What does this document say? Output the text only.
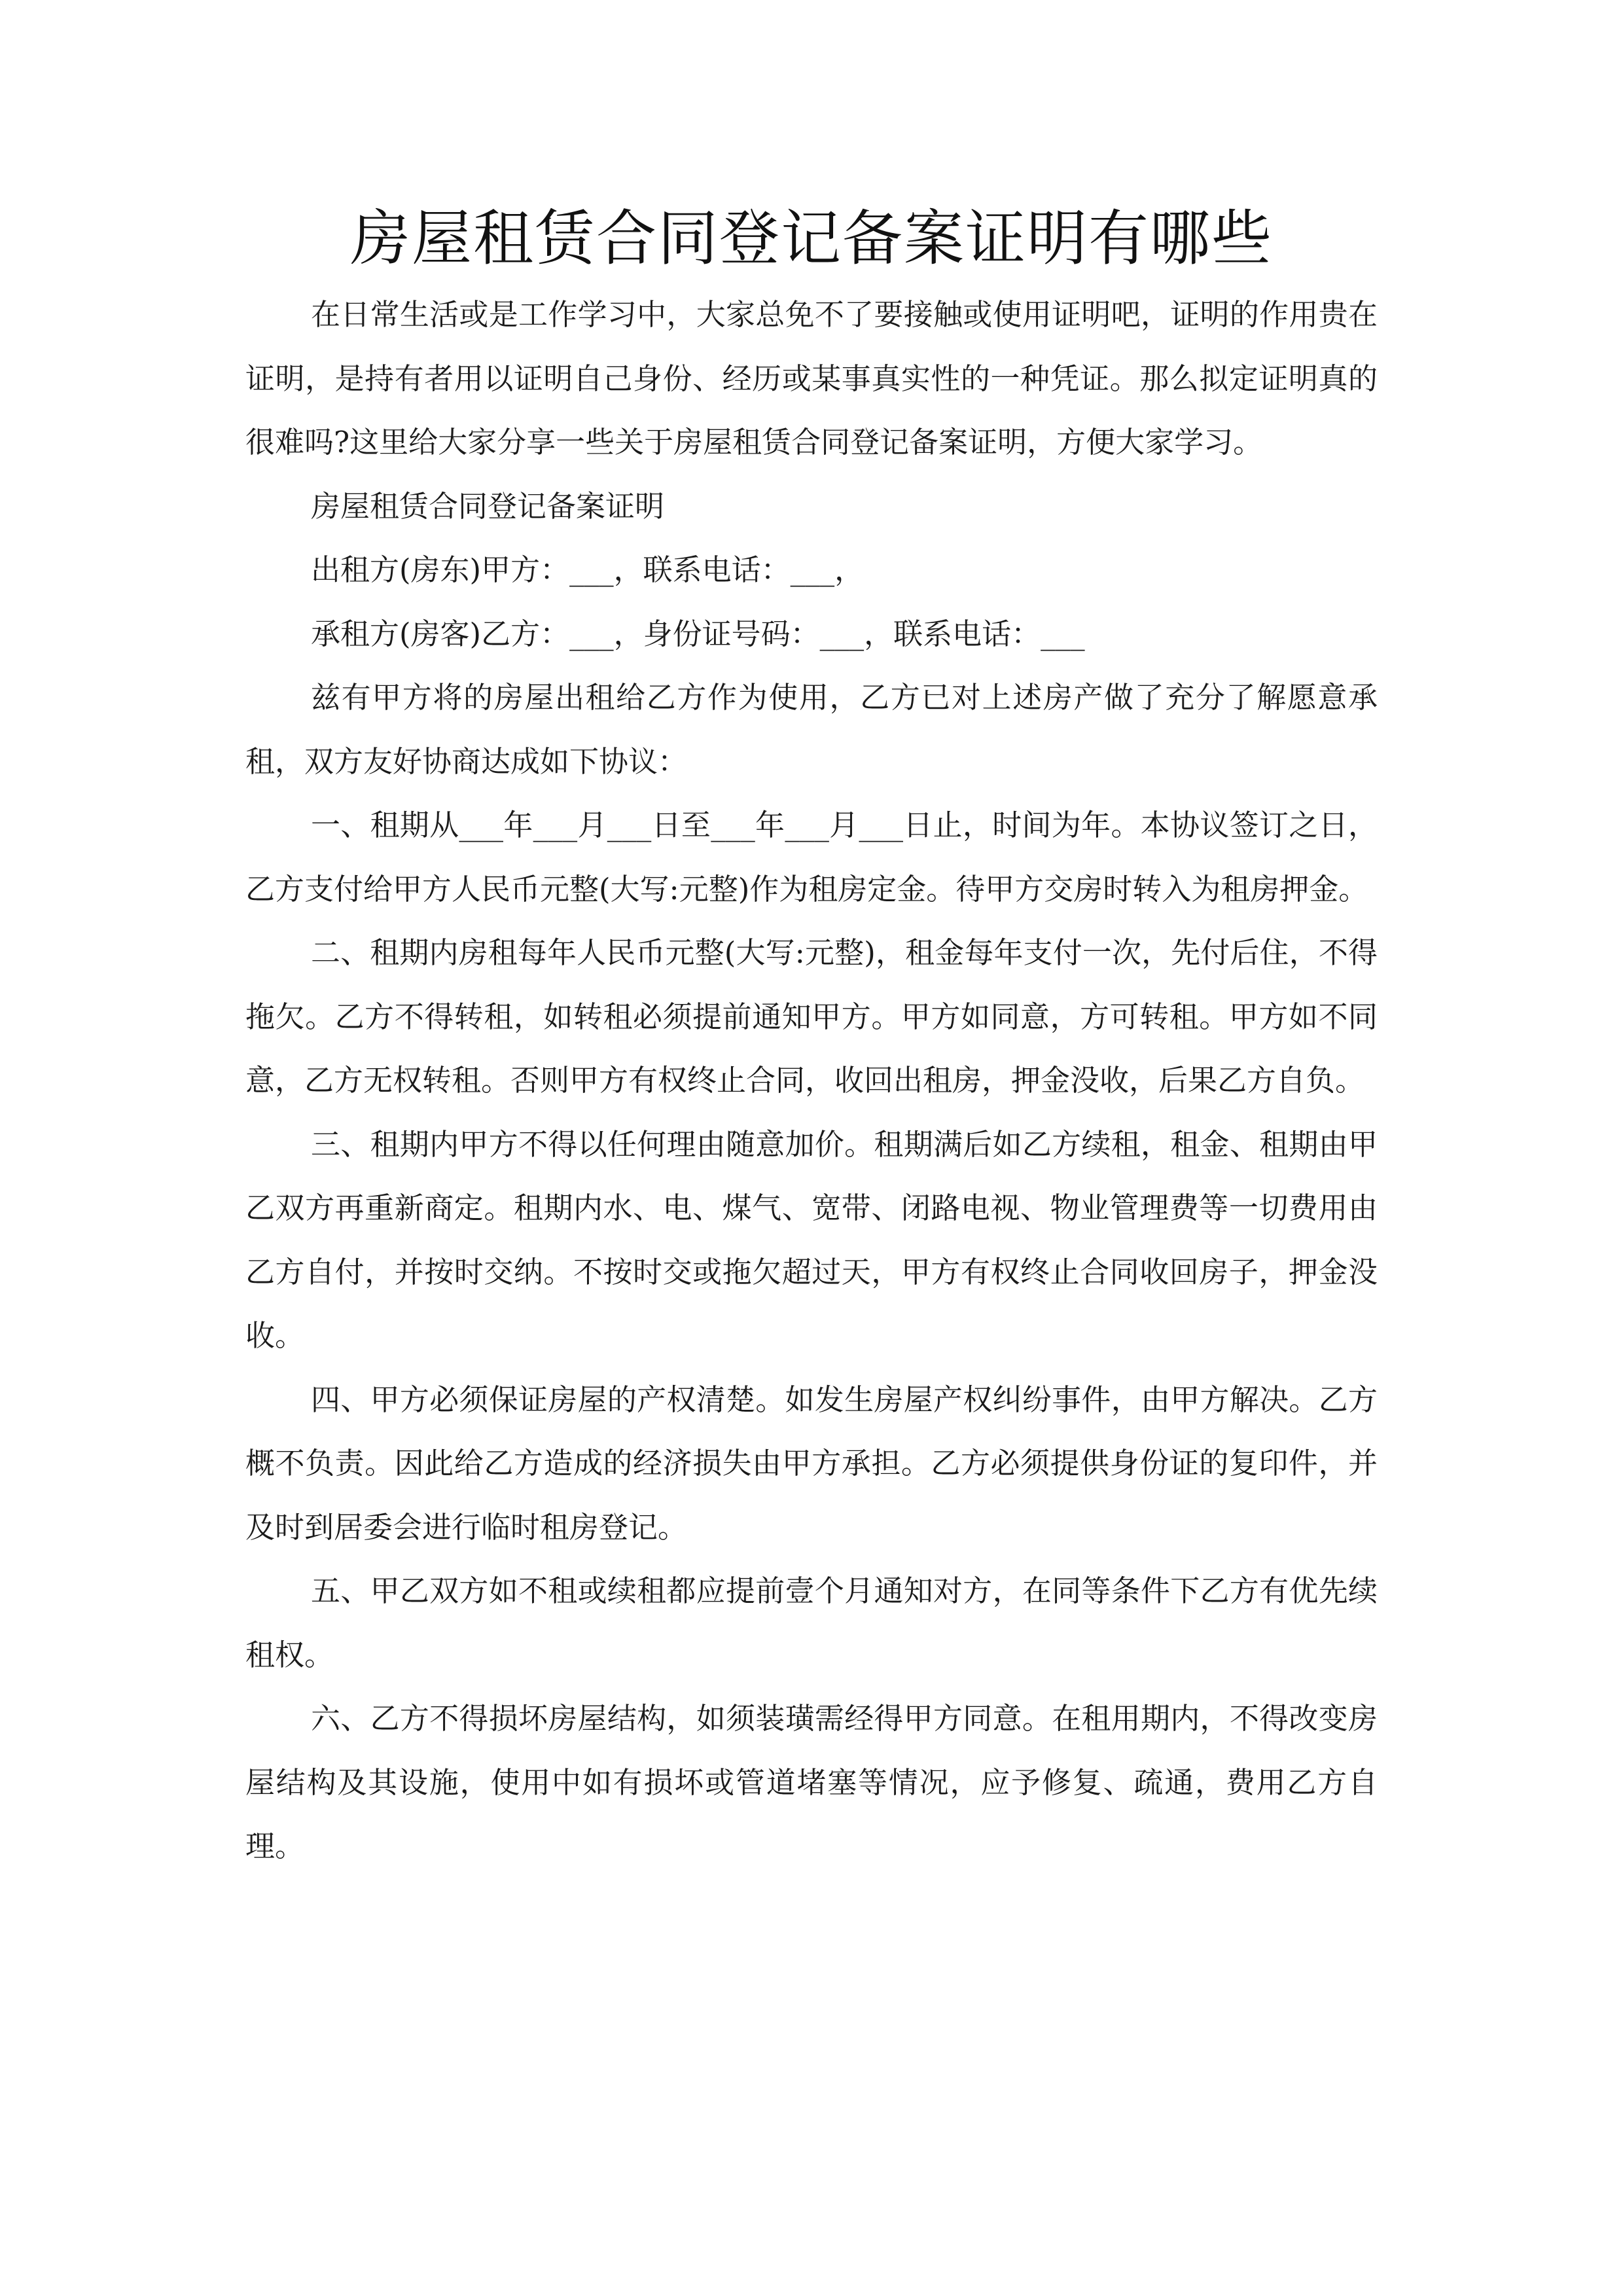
房屋租赁合同登记备案证明有哪些

在日常生活或是工作学习中，大家总免不了要接触或使用证明吧，证明的作用贵在证明，是持有者用以证明自己身份、经历或某事真实性的一种凭证。那么拟定证明真的很难吗?这里给大家分享一些关于房屋租赁合同登记备案证明，方便大家学习。

房屋租赁合同登记备案证明

出租方(房东)甲方：___，联系电话：___，

承租方(房客)乙方：___，身份证号码：___，联系电话：___

兹有甲方将的房屋出租给乙方作为使用，乙方已对上述房产做了充分了解愿意承租，双方友好协商达成如下协议：

一、租期从___年___月___日至___年___月___日止，时间为年。本协议签订之日，乙方支付给甲方人民币元整(大写:元整)作为租房定金。待甲方交房时转入为租房押金。

二、租期内房租每年人民币元整(大写:元整)，租金每年支付一次，先付后住，不得拖欠。乙方不得转租，如转租必须提前通知甲方。甲方如同意，方可转租。甲方如不同意，乙方无权转租。否则甲方有权终止合同，收回出租房，押金没收，后果乙方自负。

三、租期内甲方不得以任何理由随意加价。租期满后如乙方续租，租金、租期由甲乙双方再重新商定。租期内水、电、煤气、宽带、闭路电视、物业管理费等一切费用由乙方自付，并按时交纳。不按时交或拖欠超过天，甲方有权终止合同收回房子，押金没收。

四、甲方必须保证房屋的产权清楚。如发生房屋产权纠纷事件，由甲方解决。乙方概不负责。因此给乙方造成的经济损失由甲方承担。乙方必须提供身份证的复印件，并及时到居委会进行临时租房登记。

五、甲乙双方如不租或续租都应提前壹个月通知对方，在同等条件下乙方有优先续租权。

六、乙方不得损坏房屋结构，如须装璜需经得甲方同意。在租用期内，不得改变房屋结构及其设施，使用中如有损坏或管道堵塞等情况，应予修复、疏通，费用乙方自理。
